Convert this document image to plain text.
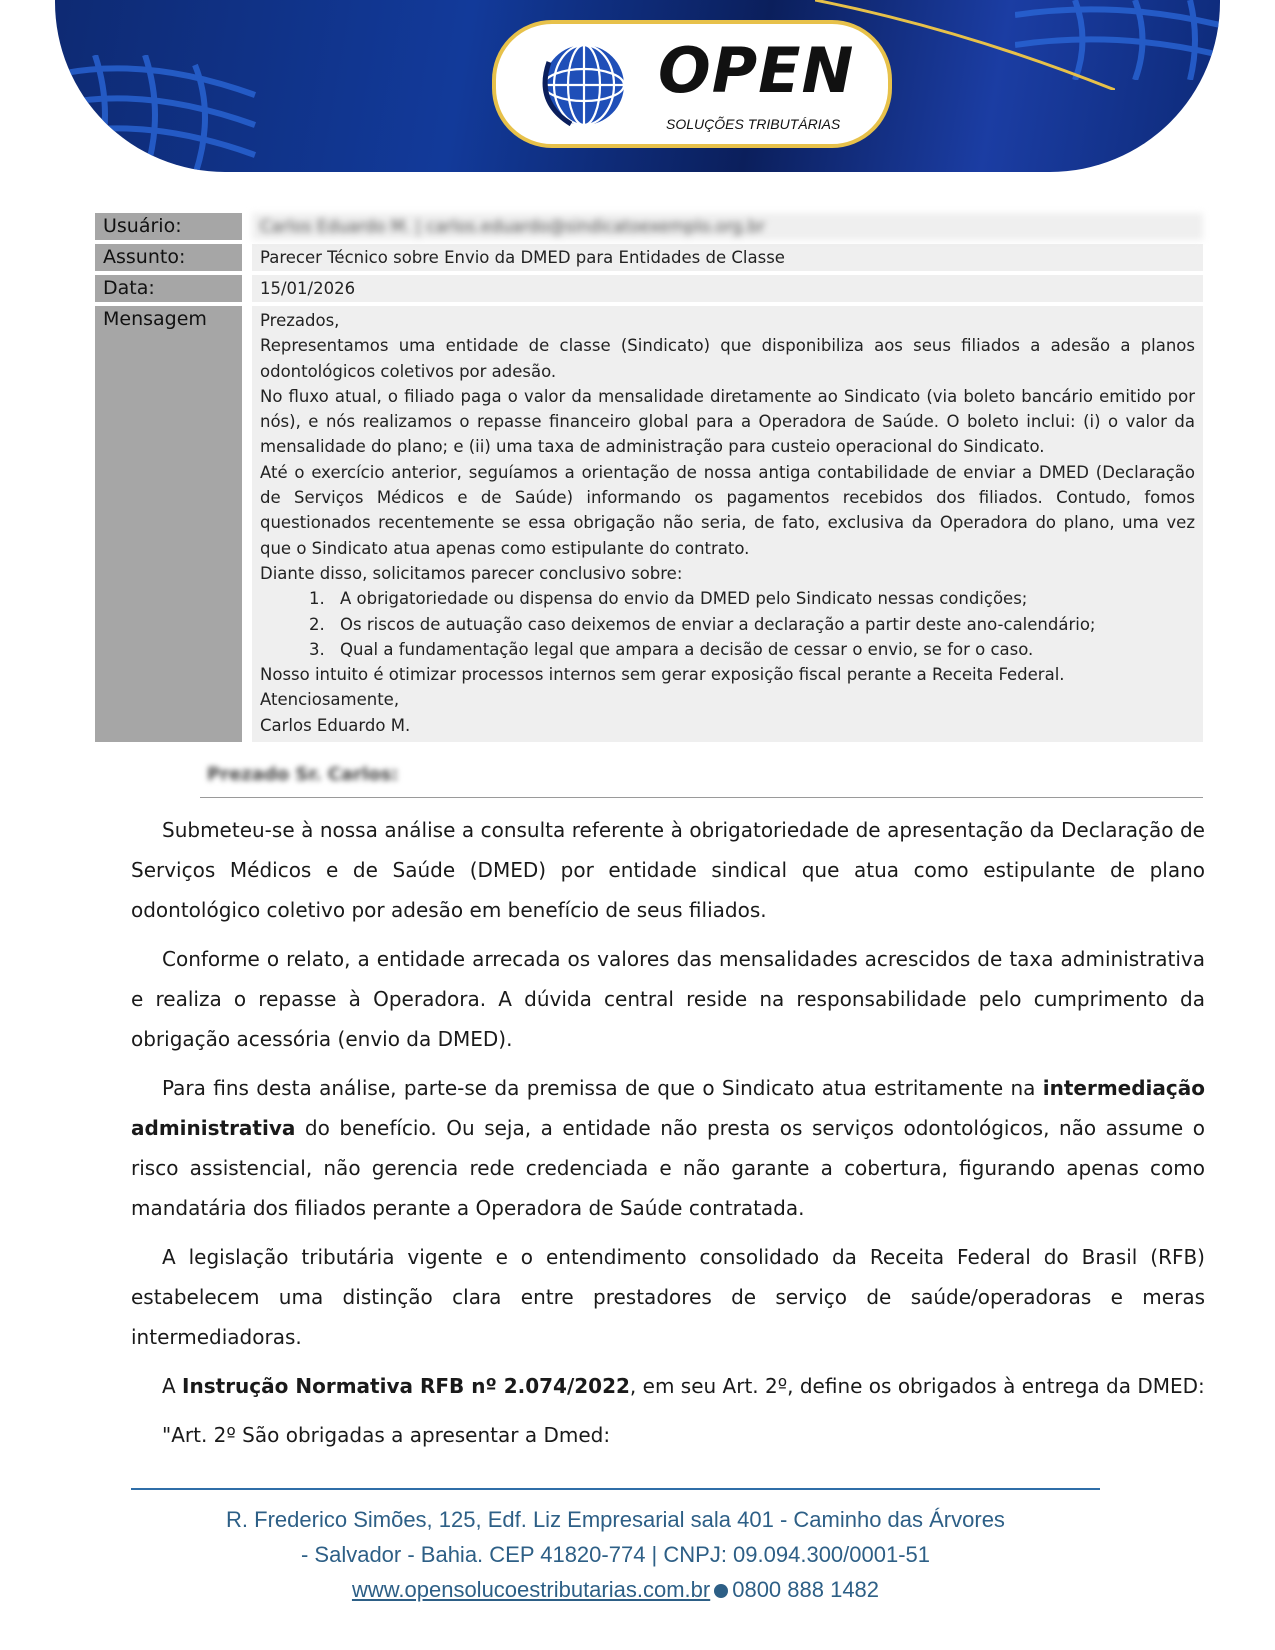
OPEN
SOLUÇÕES TRIBUTÁRIAS
Usuário:	Carlos Eduardo M. | carlos.eduardo@sindicatoexemplo.org.br
Assunto:	Parecer Técnico sobre Envio da DMED para Entidades de Classe
Data:	15/01/2026
Mensagem	Prezados,

Representamos uma entidade de classe (Sindicato) que disponibiliza aos seus filiados a adesão a planos odontológicos coletivos por adesão.

No fluxo atual, o filiado paga o valor da mensalidade diretamente ao Sindicato (via boleto bancário emitido por nós), e nós realizamos o repasse financeiro global para a Operadora de Saúde. O boleto inclui: (i) o valor da mensalidade do plano; e (ii) uma taxa de administração para custeio operacional do Sindicato.

Até o exercício anterior, seguíamos a orientação de nossa antiga contabilidade de enviar a DMED (Declaração de Serviços Médicos e de Saúde) informando os pagamentos recebidos dos filiados. Contudo, fomos questionados recentemente se essa obrigação não seria, de fato, exclusiva da Operadora do plano, uma vez que o Sindicato atua apenas como estipulante do contrato.

Diante disso, solicitamos parecer conclusivo sobre:

1. A obrigatoriedade ou dispensa do envio da DMED pelo Sindicato nessas condições;
2. Os riscos de autuação caso deixemos de enviar a declaração a partir deste ano-calendário;
3. Qual a fundamentação legal que ampara a decisão de cessar o envio, se for o caso.

Nosso intuito é otimizar processos internos sem gerar exposição fiscal perante a Receita Federal.

Atenciosamente,

Carlos Eduardo M.

Prezado Sr. Carlos:

Submeteu-se à nossa análise a consulta referente à obrigatoriedade de apresentação da Declaração de Serviços Médicos e de Saúde (DMED) por entidade sindical que atua como estipulante de plano odontológico coletivo por adesão em benefício de seus filiados.

Conforme o relato, a entidade arrecada os valores das mensalidades acrescidos de taxa administrativa e realiza o repasse à Operadora. A dúvida central reside na responsabilidade pelo cumprimento da obrigação acessória (envio da DMED).

Para fins desta análise, parte-se da premissa de que o Sindicato atua estritamente na intermediação administrativa do benefício. Ou seja, a entidade não presta os serviços odontológicos, não assume o risco assistencial, não gerencia rede credenciada e não garante a cobertura, figurando apenas como mandatária dos filiados perante a Operadora de Saúde contratada.

A legislação tributária vigente e o entendimento consolidado da Receita Federal do Brasil (RFB) estabelecem uma distinção clara entre prestadores de serviço de saúde/operadoras e meras intermediadoras.

A Instrução Normativa RFB nº 2.074/2022, em seu Art. 2º, define os obrigados à entrega da DMED:

"Art. 2º São obrigadas a apresentar a Dmed:

R. Frederico Simões, 125, Edf. Liz Empresarial sala 401 - Caminho das Árvores
- Salvador - Bahia. CEP 41820-774 | CNPJ: 09.094.300/0001-51
www.opensolucoestributarias.com.br 0800 888 1482
